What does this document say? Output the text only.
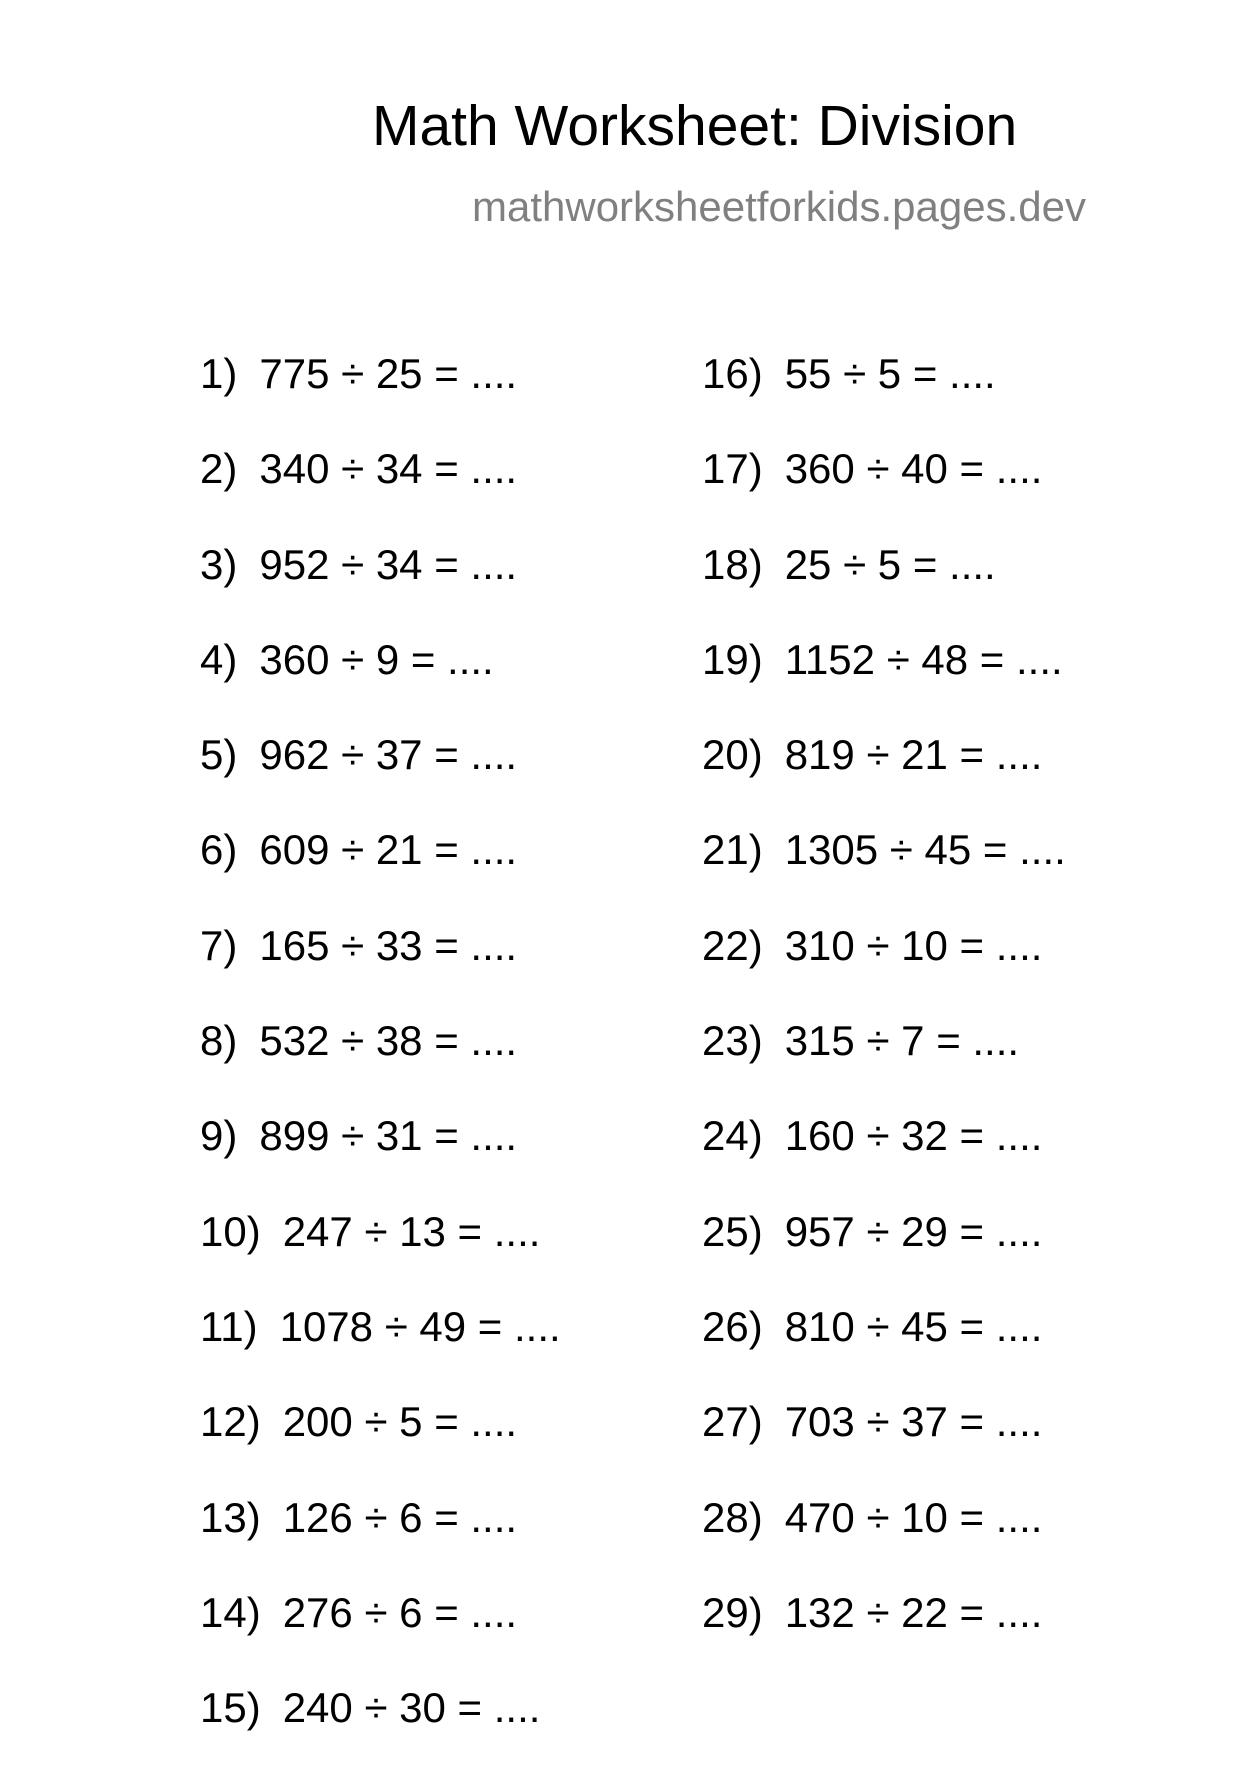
Math Worksheet: Division
mathworksheetforkids.pages.dev
1) 775 ÷ 25 = ....
2) 340 ÷ 34 = ....
3) 952 ÷ 34 = ....
4) 360 ÷ 9 = ....
5) 962 ÷ 37 = ....
6) 609 ÷ 21 = ....
7) 165 ÷ 33 = ....
8) 532 ÷ 38 = ....
9) 899 ÷ 31 = ....
10) 247 ÷ 13 = ....
11) 1078 ÷ 49 = ....
12) 200 ÷ 5 = ....
13) 126 ÷ 6 = ....
14) 276 ÷ 6 = ....
15) 240 ÷ 30 = ....
16) 55 ÷ 5 = ....
17) 360 ÷ 40 = ....
18) 25 ÷ 5 = ....
19) 1152 ÷ 48 = ....
20) 819 ÷ 21 = ....
21) 1305 ÷ 45 = ....
22) 310 ÷ 10 = ....
23) 315 ÷ 7 = ....
24) 160 ÷ 32 = ....
25) 957 ÷ 29 = ....
26) 810 ÷ 45 = ....
27) 703 ÷ 37 = ....
28) 470 ÷ 10 = ....
29) 132 ÷ 22 = ....
